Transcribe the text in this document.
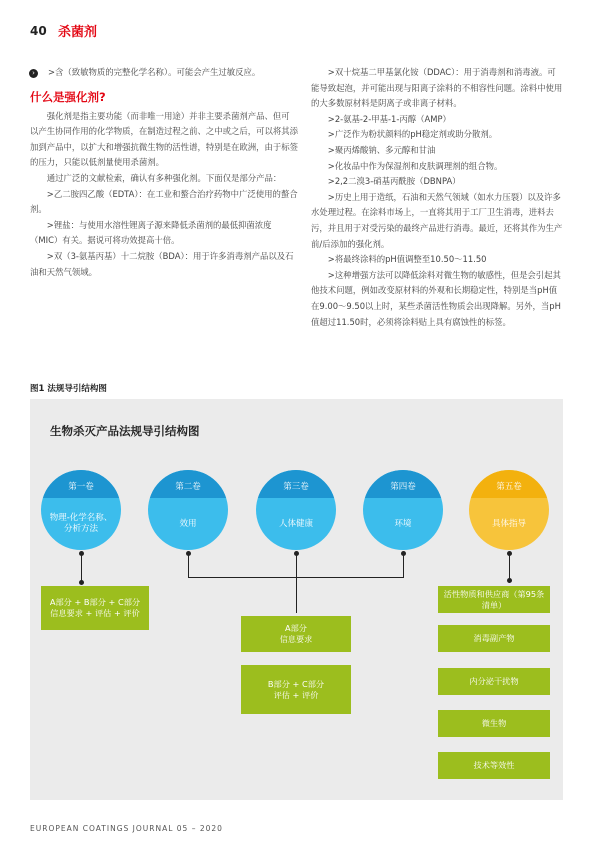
40 杀菌剂
›	>含（致敏物质的完整化学名称）。可能会产生过敏反应。

什么是强化剂?

强化剂是指主要功能（而非唯一用途）并非主要杀菌剂产品、但可以产生协同作用的化学物质，在制造过程之前、之中或之后，可以将其添加到产品中，以扩大和增强抗微生物的活性谱，特别是在欧洲，由于标签的压力，只能以低剂量使用杀菌剂。

通过广泛的文献检索，确认有多种强化剂。下面仅是部分产品：

>乙二胺四乙酸（EDTA）：在工业和螯合治疗药物中广泛使用的螯合剂。

>锂盐：与使用水溶性锂离子源来降低杀菌剂的最低抑菌浓度（MIC）有关。据说可将功效提高十倍。

>双（3-氨基丙基）十二烷胺（BDA）：用于许多消毒剂产品以及石油和天然气领域。

>双十烷基二甲基氯化铵（DDAC）：用于消毒剂和消毒液。可能导致起泡，并可能出现与阳离子涂料的不相容性问题。涂料中使用的大多数原材料是阴离子或非离子材料。

>2-氨基-2-甲基-1-丙醇（AMP）

>广泛作为粉状颜料的pH稳定剂或助分散剂。

>聚丙烯酸钠、多元醇和甘油

>化妆品中作为保湿剂和皮肤调理剂的组合物。

>2,2二溴3-硝基丙酰胺（DBNPA）

>历史上用于造纸，石油和天然气领域（如水力压裂）以及许多水处理过程。在涂料市场上，一直将其用于工厂卫生消毒，进料去污，并且用于对受污染的最终产品进行消毒。最近，还将其作为生产前/后添加的强化剂。

>将最终涂料的pH值调整至10.50～11.50

>这种增强方法可以降低涂料对微生物的敏感性，但是会引起其他技术问题，例如改变原材料的外观和长期稳定性，特别是当pH值在9.00～9.50以上时，某些杀菌活性物质会出现降解。另外，当pH值超过11.50时，必须将涂料贴上具有腐蚀性的标签。

图1 法规导引结构图
生物杀灭产品法规导引结构图
第一卷
物理-化学名称、分析方法
第二卷
效用
第三卷
人体健康
第四卷
环境
第五卷
具体指导
A部分 + B部分 + C部分
信息要求 + 评估 + 评价
A部分
信息要求
B部分 + C部分
评估 + 评价
活性物质和供应商（第95条清单）
消毒副产物
内分泌干扰物
微生物
技术等效性
EUROPEAN COATINGS JOURNAL 05 – 2020
